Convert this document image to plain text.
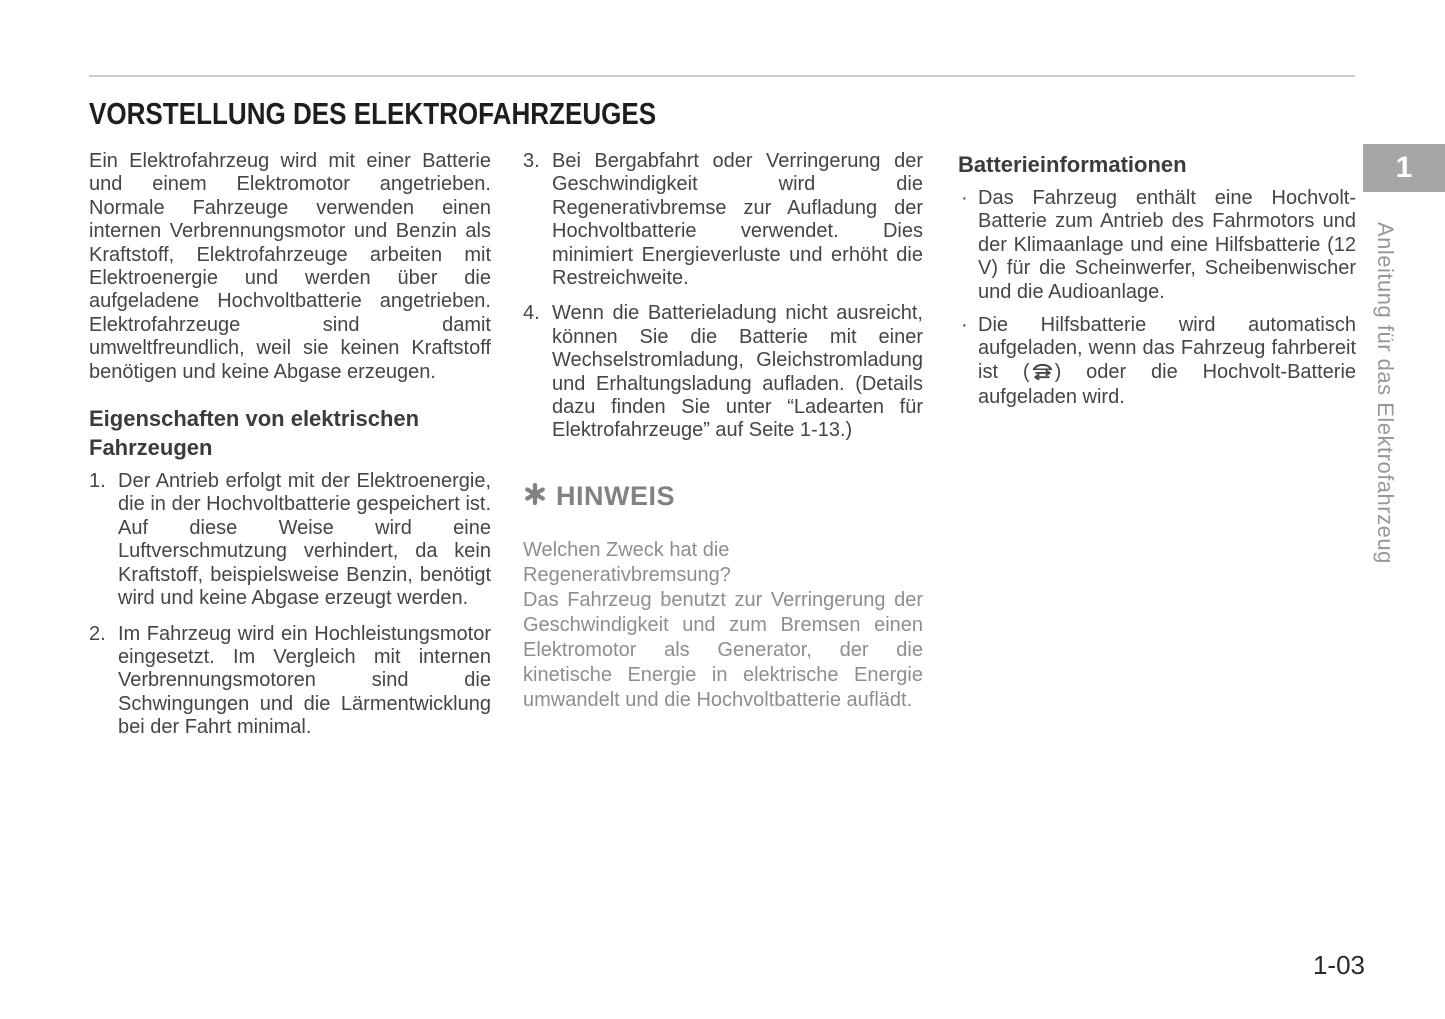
VORSTELLUNG DES ELEKTROFAHRZEUGES
Ein Elektrofahrzeug wird mit einer Batterie und einem Elektromotor angetrieben. Normale Fahrzeuge verwenden einen internen Verbrennungsmotor und Benzin als Kraftstoff, Elektrofahrzeuge arbeiten mit Elektroenergie und werden über die aufgeladene Hochvoltbatterie angetrieben. Elektrofahrzeuge sind damit umweltfreundlich, weil sie keinen Kraftstoff benötigen und keine Abgase erzeugen.
Eigenschaften von elektrischen Fahrzeugen
1. Der Antrieb erfolgt mit der Elektroenergie, die in der Hochvoltbatterie gespeichert ist. Auf diese Weise wird eine Luftverschmutzung verhindert, da kein Kraftstoff, beispielsweise Benzin, benötigt wird und keine Abgase erzeugt werden.
2. Im Fahrzeug wird ein Hochleistungsmotor eingesetzt. Im Vergleich mit internen Verbrennungsmotoren sind die Schwingungen und die Lärmentwicklung bei der Fahrt minimal.
3. Bei Bergabfahrt oder Verringerung der Geschwindigkeit wird die Regenerativbremse zur Aufladung der Hochvoltbatterie verwendet. Dies minimiert Energieverluste und erhöht die Restreichweite.
4. Wenn die Batterieladung nicht ausreicht, können Sie die Batterie mit einer Wechselstromladung, Gleichstromladung und Erhaltungsladung aufladen. (Details dazu finden Sie unter “Ladearten für Elektrofahrzeuge” auf Seite 1-13.)
HINWEIS
Welchen Zweck hat die Regenerativbremsung?
Das Fahrzeug benutzt zur Verringerung der Geschwindigkeit und zum Bremsen einen Elektromotor als Generator, der die kinetische Energie in elektrische Energie umwandelt und die Hochvoltbatterie auflädt.
Batterieinformationen
· Das Fahrzeug enthält eine Hochvolt-Batterie zum Antrieb des Fahrmotors und der Klimaanlage und eine Hilfsbatterie (12 V) für die Scheinwerfer, Scheibenwischer und die Audioanlage.
· Die Hilfsbatterie wird automatisch aufgeladen, wenn das Fahrzeug fahrbereit ist ( ) oder die Hochvolt-Batterie aufgeladen wird.
1
Anleitung für das Elektrofahrzeug
1-03
